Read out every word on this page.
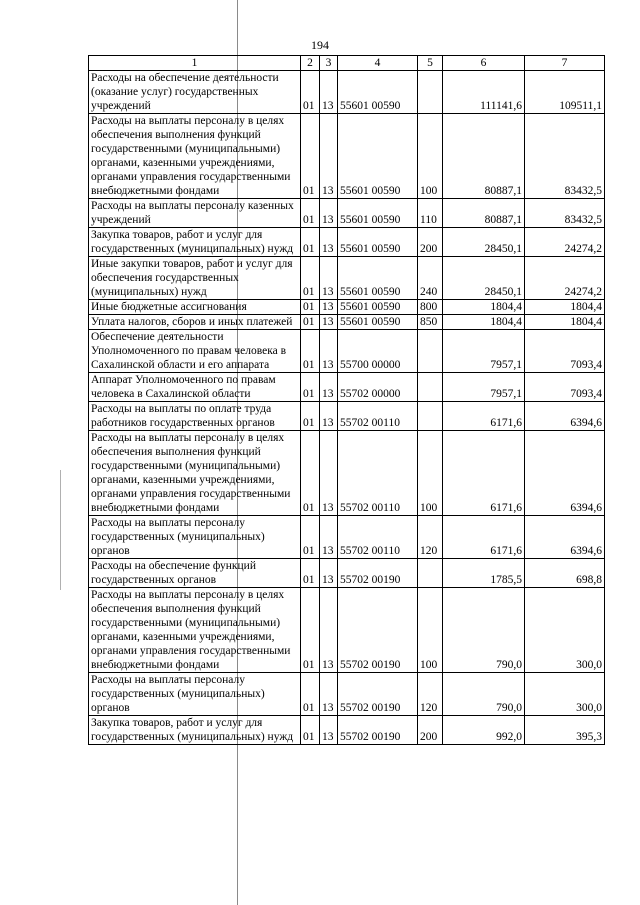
194
1	2	3	4	5	6	7
Расходы на обеспечение деятельности (оказание услуг) государственных учреждений	01	13	55601 00590		111141,6	109511,1
Расходы на выплаты персоналу в целях обеспечения выполнения функций государственными (муниципальными) органами, казенными учреждениями, органами управления государственными внебюджетными фондами	01	13	55601 00590	100	80887,1	83432,5
Расходы на выплаты персоналу казенных учреждений	01	13	55601 00590	110	80887,1	83432,5
Закупка товаров, работ и услуг для государственных (муниципальных) нужд	01	13	55601 00590	200	28450,1	24274,2
Иные закупки товаров, работ и услуг для обеспечения государственных (муниципальных) нужд	01	13	55601 00590	240	28450,1	24274,2
Иные бюджетные ассигнования	01	13	55601 00590	800	1804,4	1804,4
Уплата налогов, сборов и иных платежей	01	13	55601 00590	850	1804,4	1804,4
Обеспечение деятельности Уполномоченного по правам человека в Сахалинской области и его аппарата	01	13	55700 00000		7957,1	7093,4
Аппарат Уполномоченного по правам человека в Сахалинской области	01	13	55702 00000		7957,1	7093,4
Расходы на выплаты по оплате труда работников государственных органов	01	13	55702 00110		6171,6	6394,6
Расходы на выплаты персоналу в целях обеспечения выполнения функций государственными (муниципальными) органами, казенными учреждениями, органами управления государственными внебюджетными фондами	01	13	55702 00110	100	6171,6	6394,6
Расходы на выплаты персоналу государственных (муниципальных) органов	01	13	55702 00110	120	6171,6	6394,6
Расходы на обеспечение функций государственных органов	01	13	55702 00190		1785,5	698,8
Расходы на выплаты персоналу в целях обеспечения выполнения функций государственными (муниципальными) органами, казенными учреждениями, органами управления государственными внебюджетными фондами	01	13	55702 00190	100	790,0	300,0
Расходы на выплаты персоналу государственных (муниципальных) органов	01	13	55702 00190	120	790,0	300,0
Закупка товаров, работ и услуг для государственных (муниципальных) нужд	01	13	55702 00190	200	992,0	395,3
